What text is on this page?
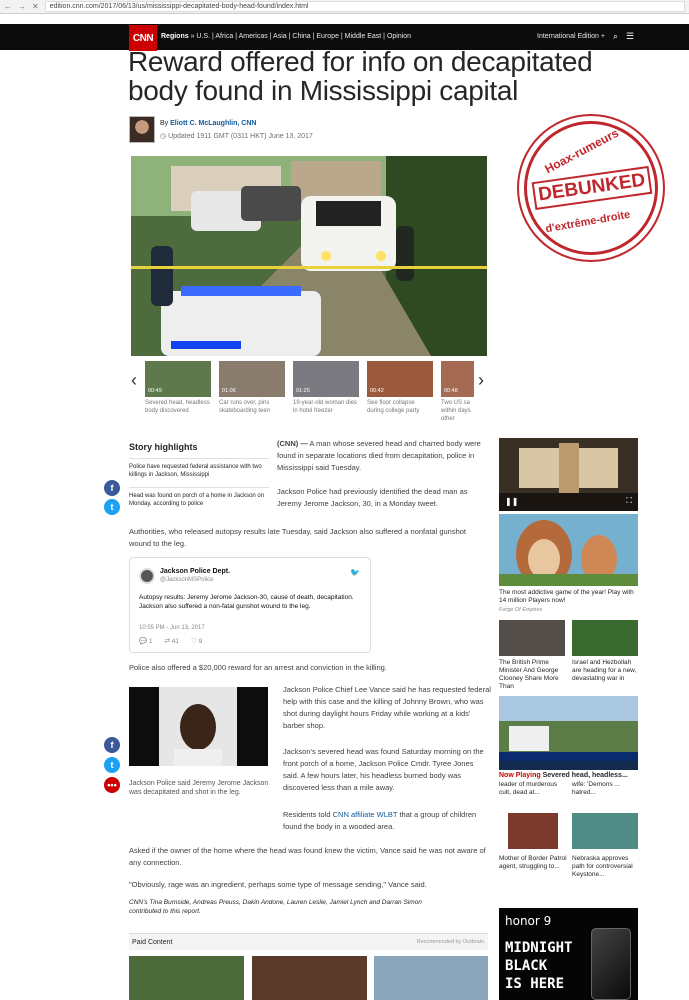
← → ✕	edition.cnn.com/2017/06/13/us/mississippi-decapitated-body-head-found/index.html
CNN	Regions » U.S. | Africa | Americas | Asia | China | Europe | Middle East | Opinion	International Edition + ⌕ ☰
Reward offered for info on decapitated body found in Mississippi capital
By Eliott C. McLaughlin, CNN
◷ Updated 1911 GMT (0311 HKT) June 13, 2017	Hoax-rumeurs
DEBUNKED
d'extrême-droite
‹	›
00:49
Severed head, headless body discovered
01:06
Car runs over, pins skateboarding teen
01:25
19-year-old woman dies in hotel freezer
00:42
See floor collapse during college party
00:48
Two US sa within days other
Story highlights
Police have requested federal assistance with two killings in Jackson, Mississippi
Head was found on porch of a home in Jackson on Monday, according to police
f
t
f
t
•••
(CNN) — A man whose severed head and charred body were found in separate locations died from decapitation, police in Mississippi said Tuesday.
Jackson Police had previously identified the dead man as Jeremy Jerome Jackson, 30, in a Monday tweet.
Authorities, who released autopsy results late Tuesday, said Jackson also suffered a nonfatal gunshot wound to the leg.
Jackson Police Dept.
@JacksonMSPolice
🐦
Autopsy results: Jeremy Jerome Jackson-30, cause of death, decapitation. Jackson also suffered a non-fatal gunshot wound to the leg.
10:55 PM - Jun 13, 2017
💬 1 ⇄ 41 ♡ 9
Police also offered a $20,000 reward for an arrest and conviction in the killing.
Jackson Police said Jeremy Jerome Jackson was decapitated and shot in the leg.
Jackson Police Chief Lee Vance said he has requested federal help with this case and the killing of Johnny Brown, who was shot during daylight hours Friday while working at a kids' barber shop.
Jackson's severed head was found Saturday morning on the front porch of a home, Jackson Police Cmdr. Tyree Jones said. A few hours later, his headless burned body was discovered less than a mile away.
Residents told CNN affiliate WLBT that a group of children found the body in a wooded area.
Asked if the owner of the home where the head was found knew the victim, Vance said he was not aware of any connection.
"Obviously, rage was an ingredient, perhaps some type of message sending," Vance said.
CNN's Tina Burnside, Andreas Preuss, Dakin Andone, Lauren Leslie, Jamiel Lynch and Darran Simon contributed to this report.
Paid Content	Recommended by Outbrain
❚❚	⛶
The most addictive game of the year! Play with 14 million Players now!
Forge Of Empires
The British Prime Minister And George Clooney Share More Than
Israel and Hezbollah are heading for a new, devastating war in
Now Playing Severed head, headless...
leader of murderous cult, dead at...
wife: 'Demons ... hatred...
Mother of Border Patrol agent, struggling to...
Nebraska approves path for controversial Keystone...
honor 9
MIDNIGHT
BLACK
IS HERE
